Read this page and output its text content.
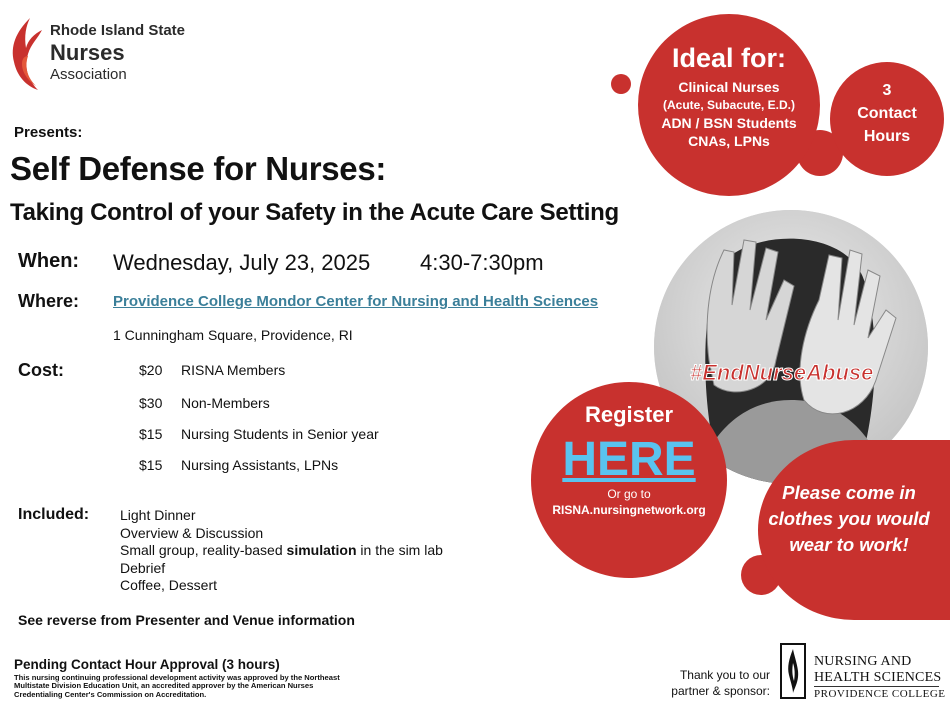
Rhode Island State
Nurses
Association
Presents:
Self Defense for Nurses:
Taking Control of your Safety in the Acute Care Setting
When: Wednesday, July 23, 2025 4:30-7:30pm
Where: Providence College Mondor Center for Nursing and Health Sciences
1 Cunningham Square, Providence, RI
Cost:	$20 RISNA Members
$30 Non-Members
$15 Nursing Students in Senior year
$15 Nursing Assistants, LPNs
Included: Light Dinner
Overview & Discussion
Small group, reality-based simulation in the sim lab
Debrief
Coffee, Dessert
See reverse from Presenter and Venue information
Pending Contact Hour Approval (3 hours)
This nursing continuing professional development activity was approved by the Northeast Multistate Division Education Unit, an accredited approver by the American Nurses Credentialing Center's Commission on Accreditation.
Thank you to our partner & sponsor:
NURSING AND
HEALTH SCIENCES
PROVIDENCE COLLEGE
Ideal for:
Clinical Nurses
(Acute, Subacute, E.D.)
ADN / BSN Students
CNAs, LPNs
3
Contact
Hours
#EndNurseAbuse
Register
HERE
Or go to
RISNA.nursingnetwork.org
Please come in clothes you would wear to work!
